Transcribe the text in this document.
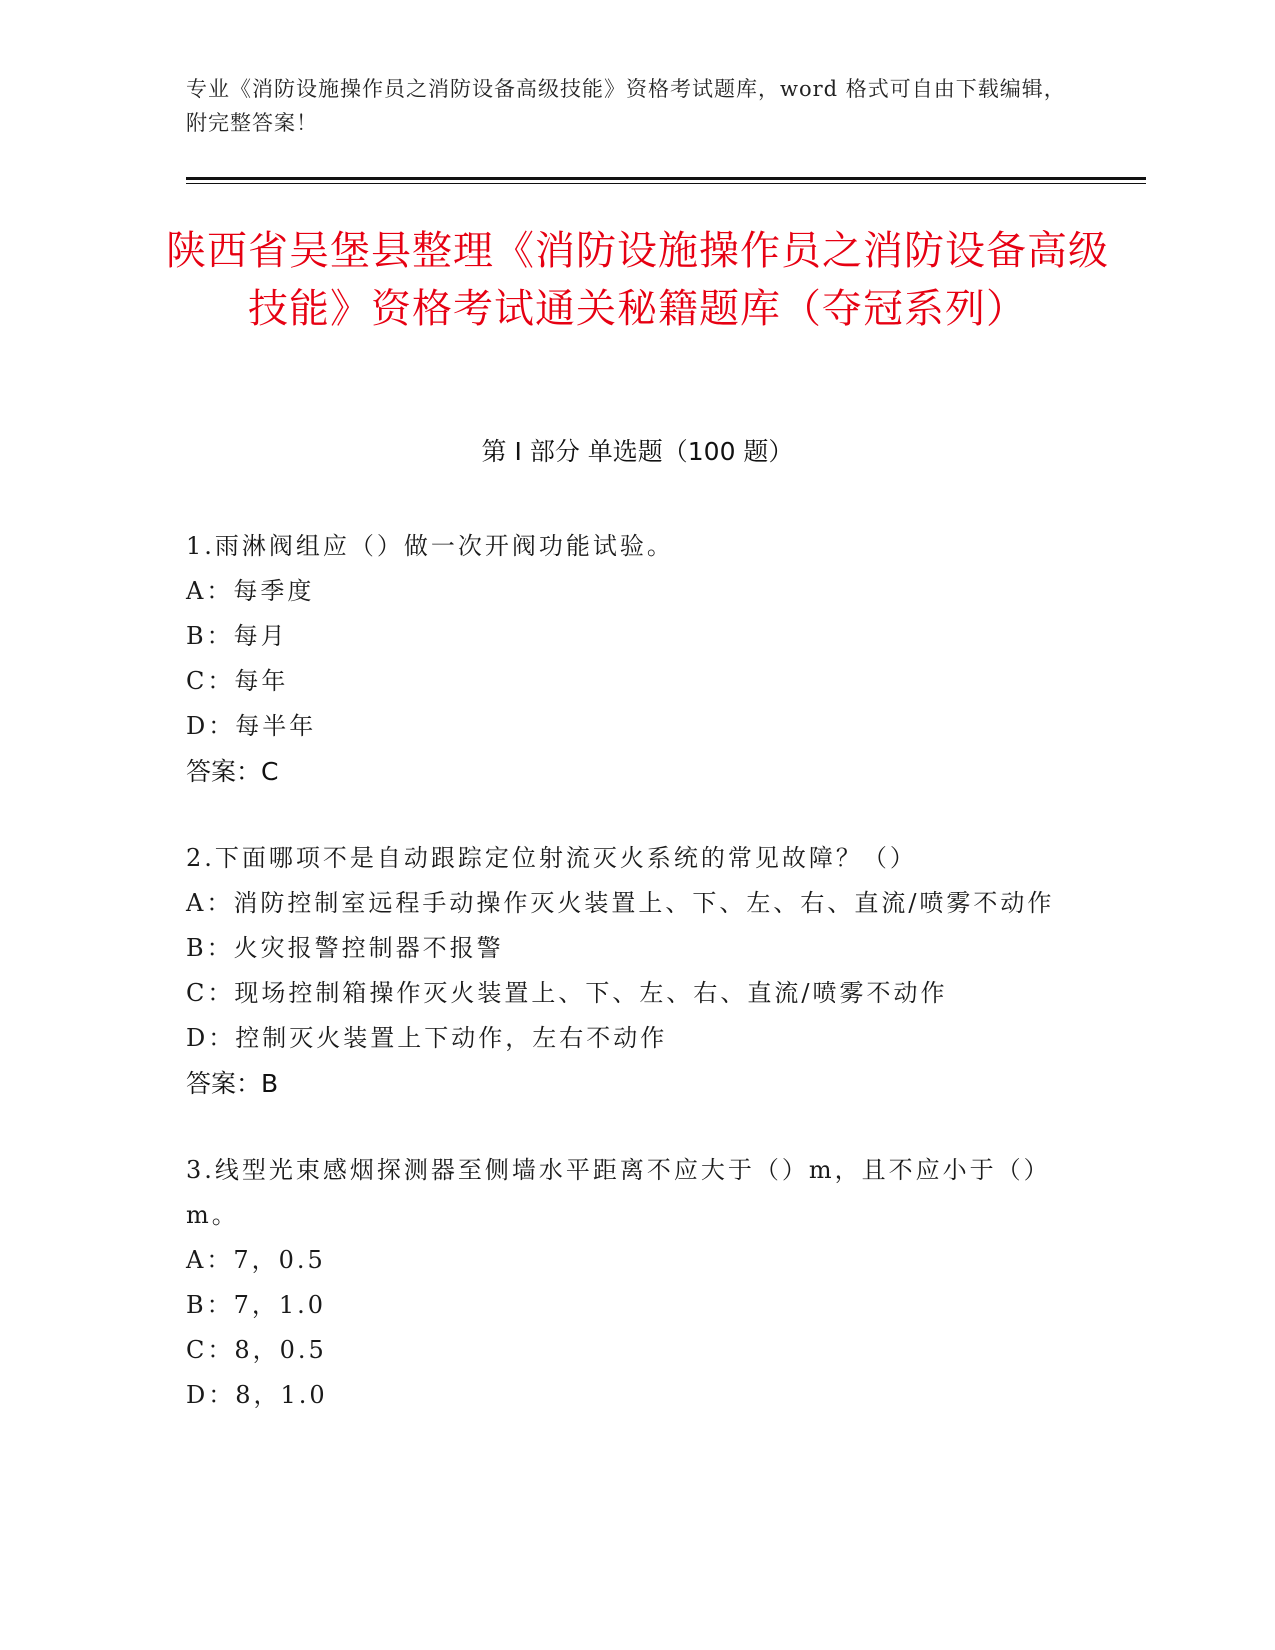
专业《消防设施操作员之消防设备高级技能》资格考试题库，word 格式可自由下载编辑，附完整答案！
陕西省吴堡县整理《消防设施操作员之消防设备高级技能》资格考试通关秘籍题库（夺冠系列）
第 I 部分 单选题（100 题）
1.雨淋阀组应（）做一次开阀功能试验。
A：每季度
B：每月
C：每年
D：每半年
答案：C
2.下面哪项不是自动跟踪定位射流灭火系统的常见故障？（）
A：消防控制室远程手动操作灭火装置上、下、左、右、直流/喷雾不动作
B：火灾报警控制器不报警
C：现场控制箱操作灭火装置上、下、左、右、直流/喷雾不动作
D：控制灭火装置上下动作，左右不动作
答案：B
3.线型光束感烟探测器至侧墙水平距离不应大于（）m，且不应小于（）m。
A：7，0.5
B：7，1.0
C：8，0.5
D：8，1.0
